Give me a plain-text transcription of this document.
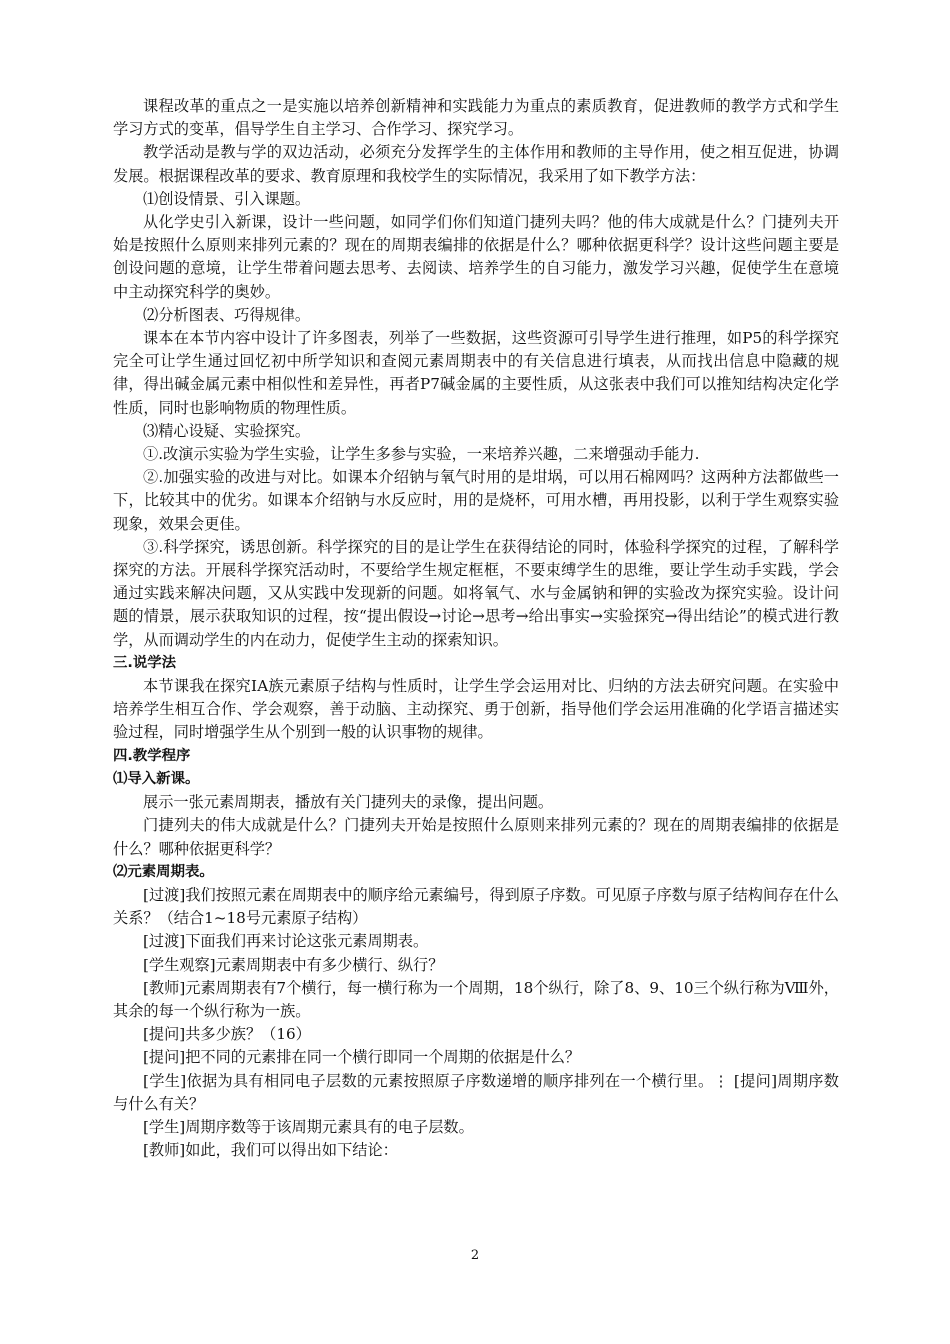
课程改革的重点之一是实施以培养创新精神和实践能力为重点的素质教育，促进教师的教学方式和学生学习方式的变革，倡导学生自主学习、合作学习、探究学习。

教学活动是教与学的双边活动，必须充分发挥学生的主体作用和教师的主导作用，使之相互促进，协调发展。根据课程改革的要求、教育原理和我校学生的实际情况，我采用了如下教学方法：

⑴创设情景、引入课题。

从化学史引入新课，设计一些问题，如同学们你们知道门捷列夫吗？他的伟大成就是什么？门捷列夫开始是按照什么原则来排列元素的？现在的周期表编排的依据是什么？哪种依据更科学？设计这些问题主要是创设问题的意境，让学生带着问题去思考、去阅读、培养学生的自习能力，激发学习兴趣，促使学生在意境中主动探究科学的奥妙。

⑵分析图表、巧得规律。

课本在本节内容中设计了许多图表，列举了一些数据，这些资源可引导学生进行推理，如P5的科学探究完全可让学生通过回忆初中所学知识和查阅元素周期表中的有关信息进行填表，从而找出信息中隐藏的规律，得出碱金属元素中相似性和差异性，再者P7碱金属的主要性质，从这张表中我们可以推知结构决定化学性质，同时也影响物质的物理性质。

⑶精心设疑、实验探究。

①.改演示实验为学生实验，让学生多参与实验，一来培养兴趣，二来增强动手能力.

②.加强实验的改进与对比。如课本介绍钠与氧气时用的是坩埚，可以用石棉网吗？这两种方法都做些一下，比较其中的优劣。如课本介绍钠与水反应时，用的是烧杯，可用水槽，再用投影，以利于学生观察实验现象，效果会更佳。

③.科学探究，诱思创新。科学探究的目的是让学生在获得结论的同时，体验科学探究的过程，了解科学探究的方法。开展科学探究活动时，不要给学生规定框框，不要束缚学生的思维，要让学生动手实践，学会通过实践来解决问题，又从实践中发现新的问题。如将氧气、水与金属钠和钾的实验改为探究实验。设计问题的情景，展示获取知识的过程，按“提出假设→讨论→思考→给出事实→实验探究→得出结论”的模式进行教学，从而调动学生的内在动力，促使学生主动的探索知识。

三.说学法

本节课我在探究ⅠA族元素原子结构与性质时，让学生学会运用对比、归纳的方法去研究问题。在实验中培养学生相互合作、学会观察，善于动脑、主动探究、勇于创新，指导他们学会运用准确的化学语言描述实验过程，同时增强学生从个别到一般的认识事物的规律。

四.教学程序

⑴导入新课。

展示一张元素周期表，播放有关门捷列夫的录像，提出问题。

门捷列夫的伟大成就是什么？门捷列夫开始是按照什么原则来排列元素的？现在的周期表编排的依据是什么？哪种依据更科学？

⑵元素周期表。

[过渡]我们按照元素在周期表中的顺序给元素编号，得到原子序数。可见原子序数与原子结构间存在什么关系？（结合1~18号元素原子结构）

[过渡]下面我们再来讨论这张元素周期表。

[学生观察]元素周期表中有多少横行、纵行？

[教师]元素周期表有7个横行，每一横行称为一个周期，18个纵行，除了8、9、10三个纵行称为Ⅷ外，其余的每一个纵行称为一族。

[提问]共多少族？（16）

[提问]把不同的元素排在同一个横行即同一个周期的依据是什么？

[学生]依据为具有相同电子层数的元素按照原子序数递增的顺序排列在一个横行里。⋮ [提问]周期序数与什么有关？

[学生]周期序数等于该周期元素具有的电子层数。

[教师]如此，我们可以得出如下结论：

2
